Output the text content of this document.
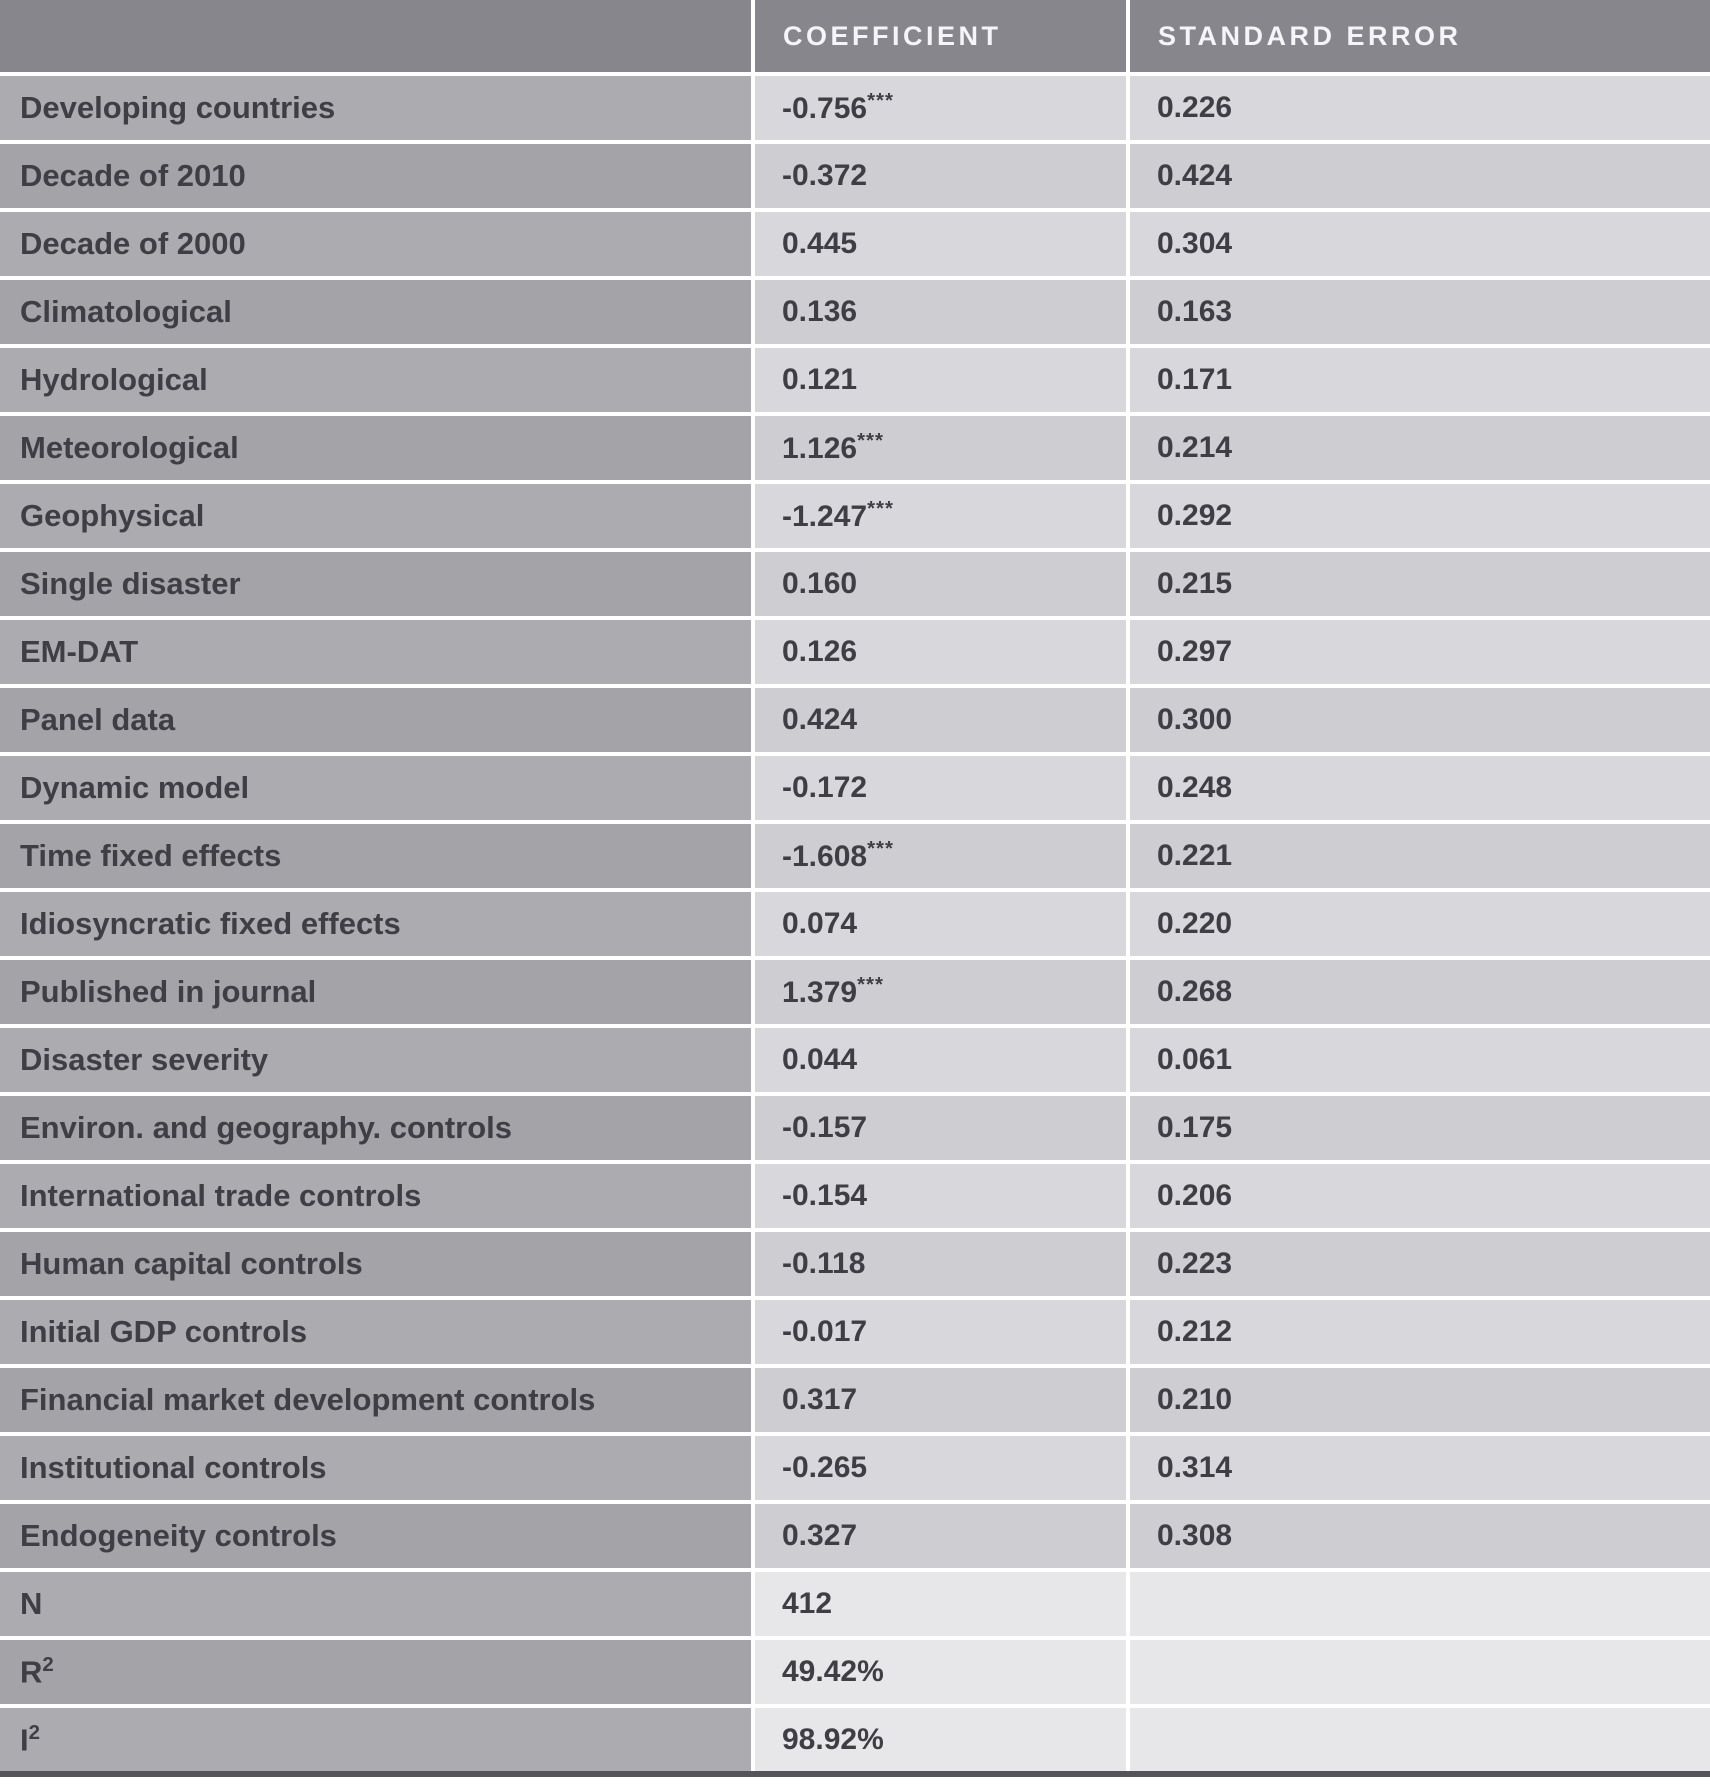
	COEFFICIENT	STANDARD ERROR
Developing countries	-0.756***	0.226
Decade of 2010	-0.372	0.424
Decade of 2000	0.445	0.304
Climatological	0.136	0.163
Hydrological	0.121	0.171
Meteorological	1.126***	0.214
Geophysical	-1.247***	0.292
Single disaster	0.160	0.215
EM-DAT	0.126	0.297
Panel data	0.424	0.300
Dynamic model	-0.172	0.248
Time fixed effects	-1.608***	0.221
Idiosyncratic fixed effects	0.074	0.220
Published in journal	1.379***	0.268
Disaster severity	0.044	0.061
Environ. and geography. controls	-0.157	0.175
International trade controls	-0.154	0.206
Human capital controls	-0.118	0.223
Initial GDP controls	-0.017	0.212
Financial market development controls	0.317	0.210
Institutional controls	-0.265	0.314
Endogeneity controls	0.327	0.308
N	412	
$R^2$	49.42%	
$I^2$	98.92%	
